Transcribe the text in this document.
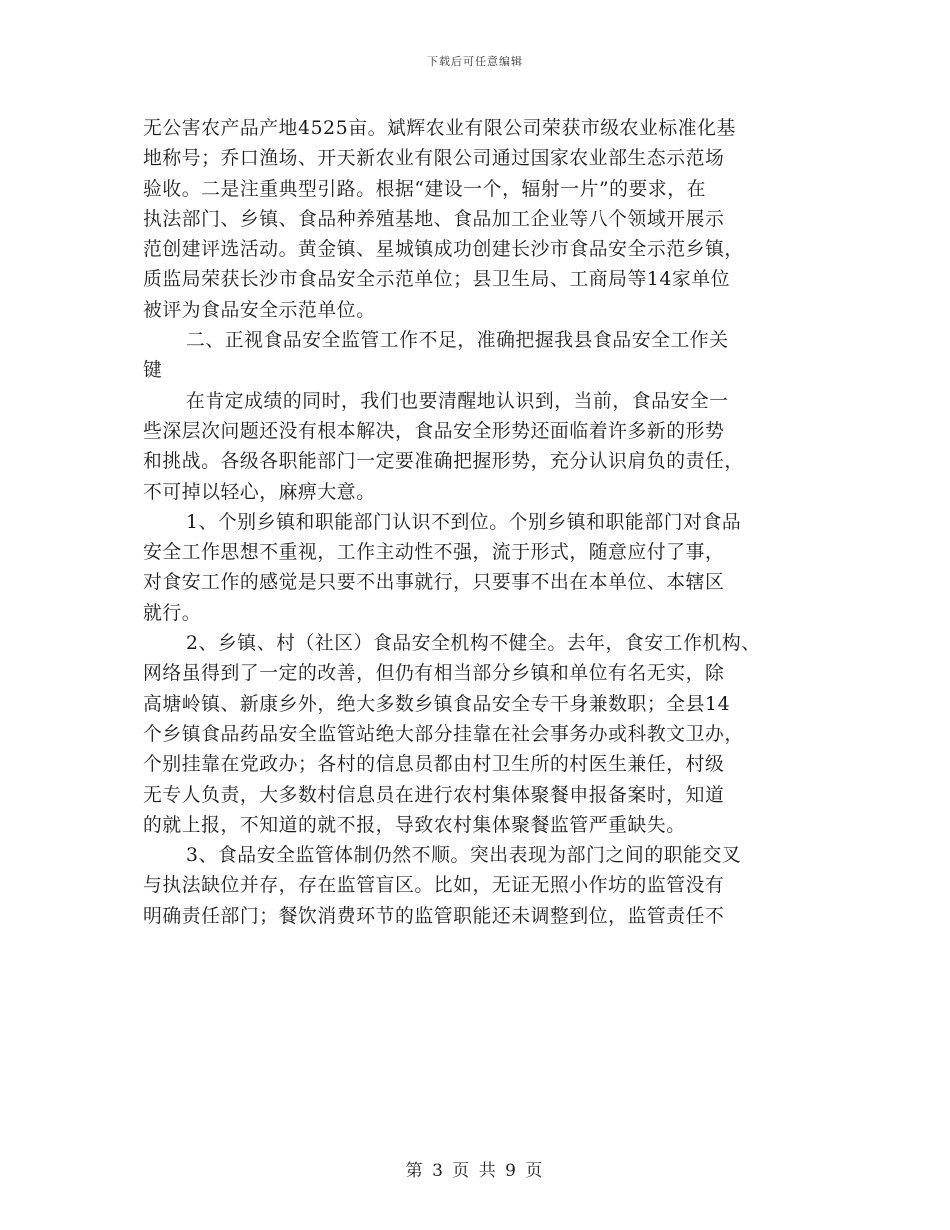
下载后可任意编辑
无公害农产品产地4525亩。斌辉农业有限公司荣获市级农业标准化基
地称号；乔口渔场、开天新农业有限公司通过国家农业部生态示范场
验收。二是注重典型引路。根据“建设一个，辐射一片”的要求，在
执法部门、乡镇、食品种养殖基地、食品加工企业等八个领域开展示
范创建评选活动。黄金镇、星城镇成功创建长沙市食品安全示范乡镇，
质监局荣获长沙市食品安全示范单位；县卫生局、工商局等14家单位
被评为食品安全示范单位。
二、正视食品安全监管工作不足，准确把握我县食品安全工作关
键
在肯定成绩的同时，我们也要清醒地认识到，当前，食品安全一
些深层次问题还没有根本解决，食品安全形势还面临着许多新的形势
和挑战。各级各职能部门一定要准确把握形势，充分认识肩负的责任，
不可掉以轻心，麻痹大意。
1、个别乡镇和职能部门认识不到位。个别乡镇和职能部门对食品
安全工作思想不重视，工作主动性不强，流于形式，随意应付了事，
对食安工作的感觉是只要不出事就行，只要事不出在本单位、本辖区
就行。
2、乡镇、村（社区）食品安全机构不健全。去年，食安工作机构、
网络虽得到了一定的改善，但仍有相当部分乡镇和单位有名无实，除
高塘岭镇、新康乡外，绝大多数乡镇食品安全专干身兼数职；全县14
个乡镇食品药品安全监管站绝大部分挂靠在社会事务办或科教文卫办，
个别挂靠在党政办；各村的信息员都由村卫生所的村医生兼任，村级
无专人负责，大多数村信息员在进行农村集体聚餐申报备案时，知道
的就上报，不知道的就不报，导致农村集体聚餐监管严重缺失。
3、食品安全监管体制仍然不顺。突出表现为部门之间的职能交叉
与执法缺位并存，存在监管盲区。比如，无证无照小作坊的监管没有
明确责任部门；餐饮消费环节的监管职能还未调整到位，监管责任不
第 3 页 共 9 页
